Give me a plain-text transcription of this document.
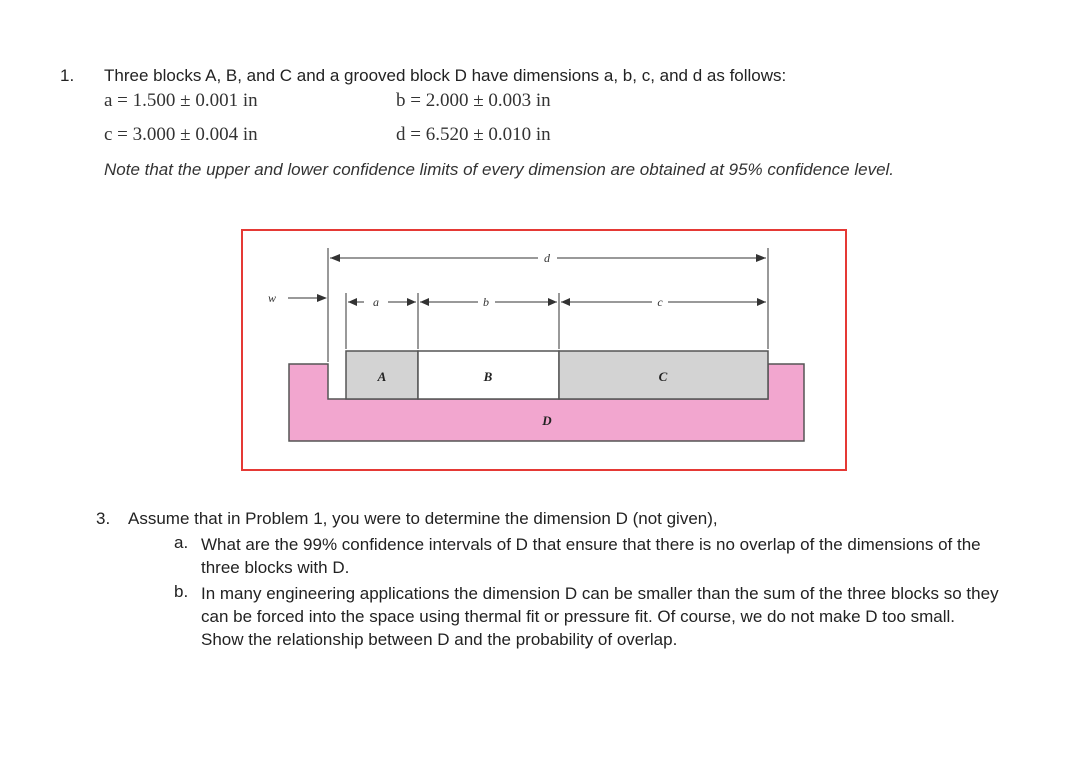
1. Three blocks A, B, and C and a grooved block D have dimensions a, b, c, and d as follows:
a = 1.500 ± 0.001 in	b = 2.000 ± 0.003 in
c = 3.000 ± 0.004 in	d = 6.520 ± 0.010 in
Note that the upper and lower confidence limits of every dimension are obtained at 95% confidence level.
d
w	a	b	c
A	B	C
D
3. Assume that in Problem 1, you were to determine the dimension D (not given),
a. What are the 99% confidence intervals of D that ensure that there is no overlap of the dimensions of the three blocks with D.
b. In many engineering applications the dimension D can be smaller than the sum of the three blocks so they can be forced into the space using thermal fit or pressure fit. Of course, we do not make D too small. Show the relationship between D and the probability of overlap.
